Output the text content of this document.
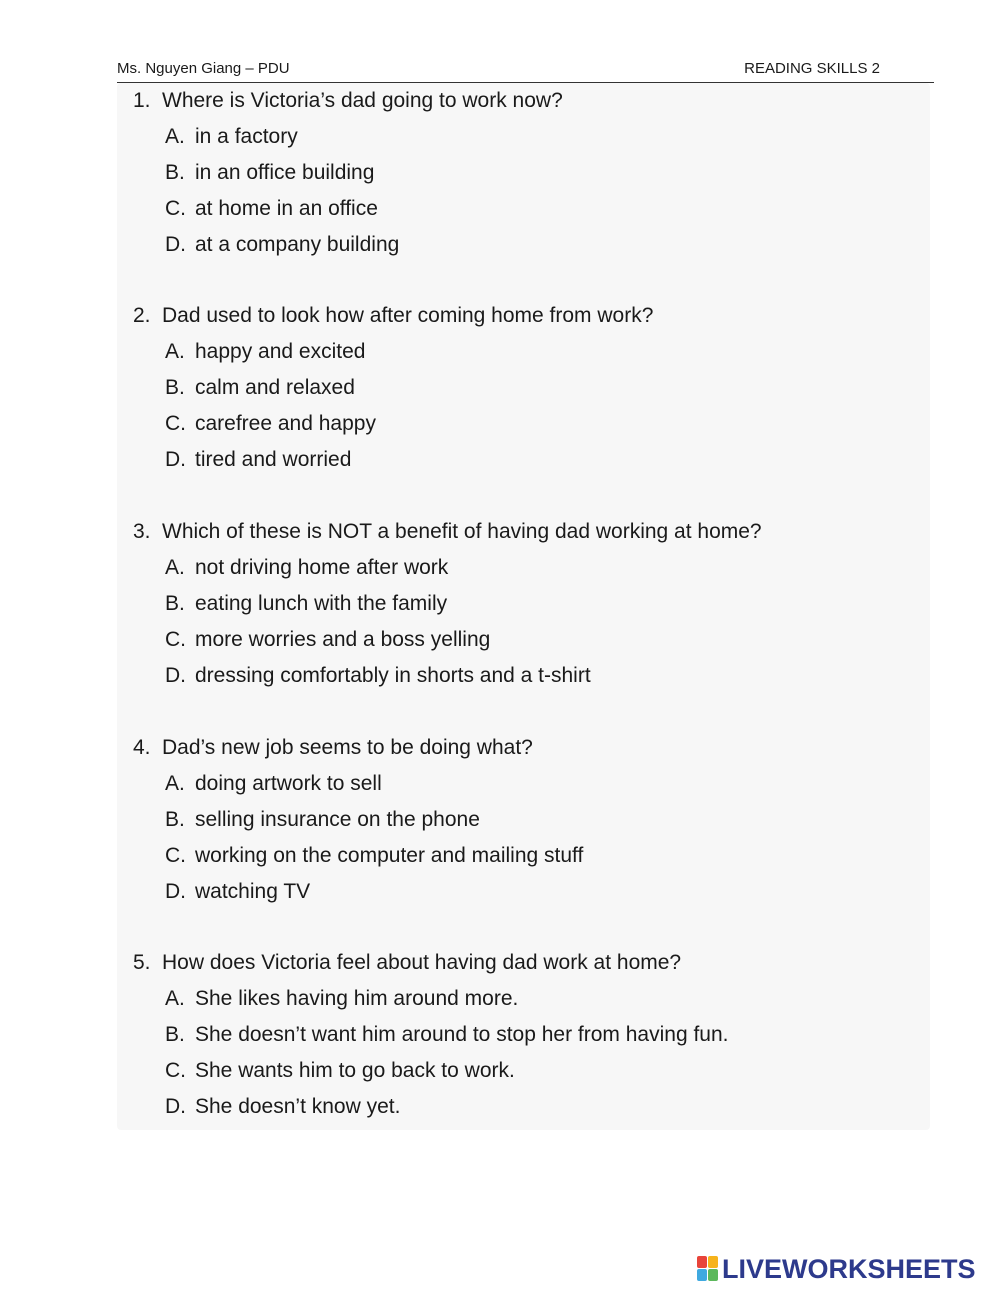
Ms. Nguyen Giang – PDU	READING SKILLS 2
1. Where is Victoria’s dad going to work now?
A. in a factory
B. in an office building
C. at home in an office
D. at a company building
2. Dad used to look how after coming home from work?
A. happy and excited
B. calm and relaxed
C. carefree and happy
D. tired and worried
3. Which of these is NOT a benefit of having dad working at home?
A. not driving home after work
B. eating lunch with the family
C. more worries and a boss yelling
D. dressing comfortably in shorts and a t-shirt
4. Dad’s new job seems to be doing what?
A. doing artwork to sell
B. selling insurance on the phone
C. working on the computer and mailing stuff
D. watching TV
5. How does Victoria feel about having dad work at home?
A. She likes having him around more.
B. She doesn’t want him around to stop her from having fun.
C. She wants him to go back to work.
D. She doesn’t know yet.
LIVEWORKSHEETS
